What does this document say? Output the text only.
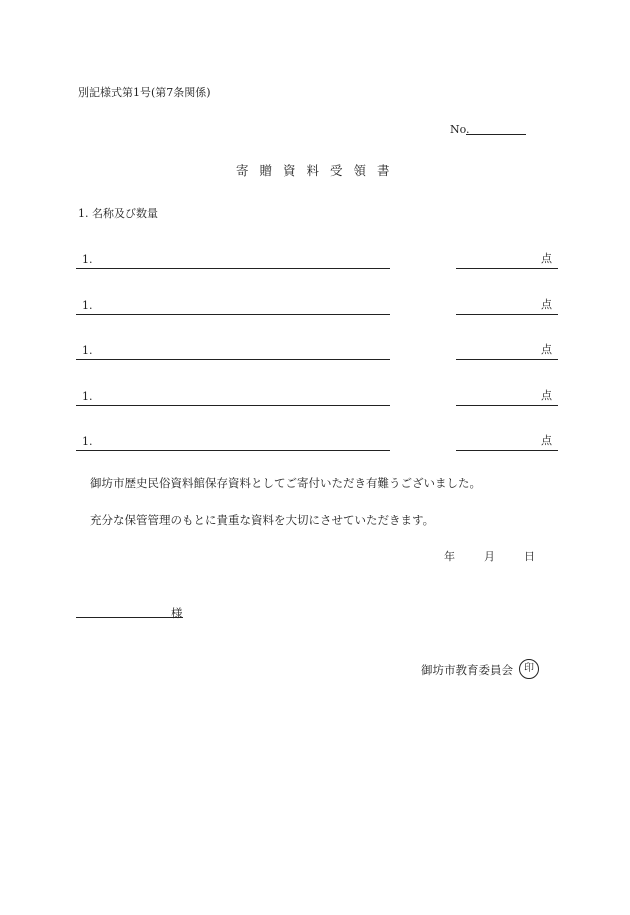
別記様式第1号(第7条関係)
No.
寄贈資料受領書
1. 名称及び数量
1.	点
1.	点
1.	点
1.	点
1.	点
御坊市歴史民俗資料館保存資料としてご寄付いただき有難うございました。
充分な保管管理のもとに貴重な資料を大切にさせていただきます。
年	月	日
様
御坊市教育委員会	印
